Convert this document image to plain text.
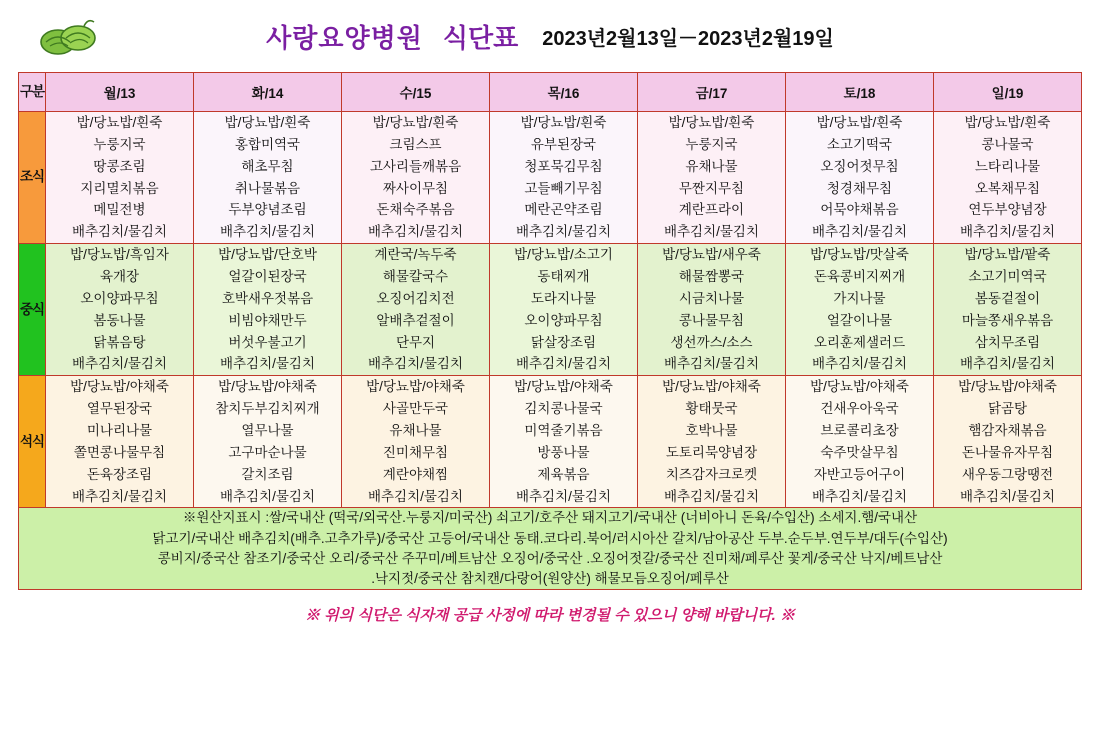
사랑요양병원 식단표 2023년2월13일－2023년2월19일
구분	월/13	화/14	수/15	목/16	금/17	토/18	일/19
조식	
밥/당뇨밥/흰죽
누룽지국
땅콩조림
지리멸치볶음
메밀전병
배추김치/물김치

밥/당뇨밥/흰죽
홍합미역국
해초무침
취나물볶음
두부양념조림
배추김치/물김치

밥/당뇨밥/흰죽
크림스프
고사리들깨볶음
짜사이무침
돈채숙주볶음
배추김치/물김치

밥/당뇨밥/흰죽
유부된장국
청포묵김무침
고들빼기무침
메란곤약조림
배추김치/물김치

밥/당뇨밥/흰죽
누룽지국
유채나물
무짠지무침
계란프라이
배추김치/물김치

밥/당뇨밥/흰죽
소고기떡국
오징어젓무침
청경채무침
어묵야채볶음
배추김치/물김치

밥/당뇨밥/흰죽
콩나물국
느타리나물
오복채무침
연두부양념장
배추김치/물김치

중식	
밥/당뇨밥/흑임자
육개장
오이양파무침
봄동나물
닭볶음탕
배추김치/물김치

밥/당뇨밥/단호박
얼갈이된장국
호박새우젓볶음
비빔야채만두
버섯우불고기
배추김치/물김치

계란국/녹두죽
해물칼국수
오징어김치전
알배추겉절이
단무지
배추김치/물김치

밥/당뇨밥/소고기
동태찌개
도라지나물
오이양파무침
닭살장조림
배추김치/물김치

밥/당뇨밥/새우죽
해물짬뽕국
시금치나물
콩나물무침
생선까스/소스
배추김치/물김치

밥/당뇨밥/맛살죽
돈육콩비지찌개
가지나물
얼갈이나물
오리훈제샐러드
배추김치/물김치

밥/당뇨밥/팥죽
소고기미역국
봄동겉절이
마늘쫑새우볶음
삼치무조림
배추김치/물김치

석식	
밥/당뇨밥/야채죽
열무된장국
미나리나물
쫄면콩나물무침
돈육장조림
배추김치/물김치

밥/당뇨밥/야채죽
참치두부김치찌개
열무나물
고구마순나물
갈치조림
배추김치/물김치

밥/당뇨밥/야채죽
사골만두국
유채나물
진미채무침
계란야채찜
배추김치/물김치

밥/당뇨밥/야채죽
김치콩나물국
미역줄기볶음
방풍나물
제육볶음
배추김치/물김치

밥/당뇨밥/야채죽
황태뭇국
호박나물
도토리묵양념장
치즈감자크로켓
배추김치/물김치

밥/당뇨밥/야채죽
건새우아욱국
브로콜리초장
숙주맛살무침
자반고등어구이
배추김치/물김치

밥/당뇨밥/야채죽
닭곰탕
햄감자채볶음
돈나물유자무침
새우동그랑땡전
배추김치/물김치

※원산지표시 :쌀/국내산 (떡국/외국산.누룽지/미국산) 쇠고기/호주산 돼지고기/국내산 (너비아니 돈육/수입산) 소세지.햄/국내산
닭고기/국내산 배추김치(배추.고추가루)/중국산 고등어/국내산 동태.코다리.북어/러시아산 갈치/남아공산 두부.순두부.연두부/대두(수입산)
콩비지/중국산 참조기/중국산 오리/중국산 주꾸미/베트남산 오징어/중국산 .오징어젓갈/중국산 진미채/페루산 꽃게/중국산 낙지/베트남산
.낙지젓/중국산 참치캔/다랑어(원양산) 해물모듬오징어/페루산							
※ 위의 식단은 식자재 공급 사정에 따라 변경될 수 있으니 양해 바랍니다. ※
